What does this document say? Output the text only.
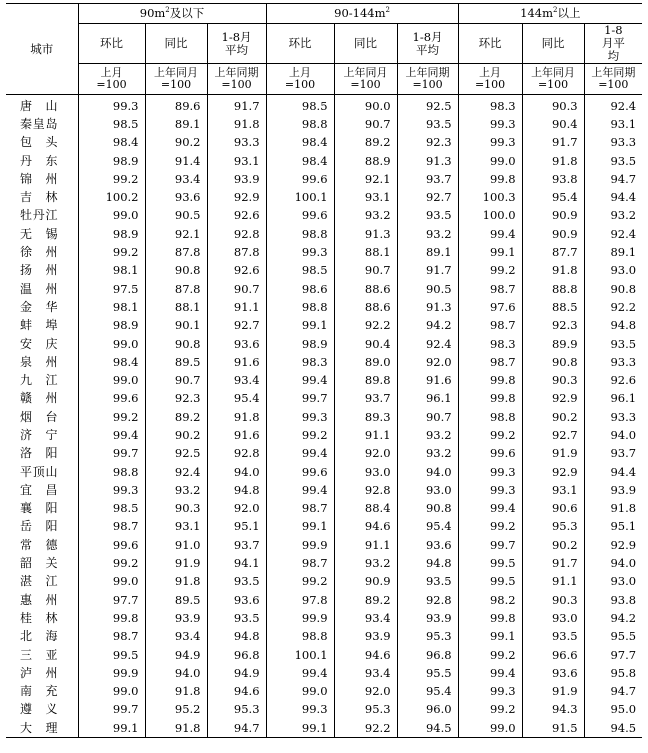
城市	$90m^2$及以下			$90-144m^2$			$144m^2$以上		
	环比	同比	1-8月平均	环比	同比	1-8月平均	环比	同比	1-8月平均
	上月=100	上年同月=100	上年同期=100	上月=100	上年同月=100	上年同期=100	上月=100	上年同月=100	上年同期=100
唐山	99.3	89.6	91.7	98.5	90.0	92.5	98.3	90.3	92.4
秦皇岛	98.5	89.1	91.8	98.8	90.7	93.5	99.3	90.4	93.1
包头	98.4	90.2	93.3	98.4	89.2	92.3	99.3	91.7	93.3
丹东	98.9	91.4	93.1	98.4	88.9	91.3	99.0	91.8	93.5
锦州	99.2	93.4	93.9	99.6	92.1	93.7	99.8	93.8	94.7
吉林	100.2	93.6	92.9	100.1	93.1	92.7	100.3	95.4	94.4
牡丹江	99.0	90.5	92.6	99.6	93.2	93.5	100.0	90.9	93.2
无锡	98.9	92.1	92.8	98.8	91.3	93.2	99.4	90.9	92.4
徐州	99.2	87.8	87.8	99.3	88.1	89.1	99.1	87.7	89.1
扬州	98.1	90.8	92.6	98.5	90.7	91.7	99.2	91.8	93.0
温州	97.5	87.8	90.7	98.6	88.6	90.5	98.7	88.8	90.8
金华	98.1	88.1	91.1	98.8	88.6	91.3	97.6	88.5	92.2
蚌埠	98.9	90.1	92.7	99.1	92.2	94.2	98.7	92.3	94.8
安庆	99.0	90.8	93.6	98.9	90.4	92.4	98.3	89.9	93.5
泉州	98.4	89.5	91.6	98.3	89.0	92.0	98.7	90.8	93.3
九江	99.0	90.7	93.4	99.4	89.8	91.6	99.8	90.3	92.6
赣州	99.6	92.3	95.4	99.7	93.7	96.1	99.8	92.9	96.1
烟台	99.2	89.2	91.8	99.3	89.3	90.7	98.8	90.2	93.3
济宁	99.4	90.2	91.6	99.2	91.1	93.2	99.2	92.7	94.0
洛阳	99.7	92.5	92.8	99.4	92.0	93.2	99.6	91.9	93.7
平顶山	98.8	92.4	94.0	99.6	93.0	94.0	99.3	92.9	94.4
宜昌	99.3	93.2	94.8	99.4	92.8	93.0	99.3	93.1	93.9
襄阳	98.5	90.3	92.0	98.7	88.4	90.8	99.4	90.6	91.8
岳阳	98.7	93.1	95.1	99.1	94.6	95.4	99.2	95.3	95.1
常德	99.6	91.0	93.7	99.9	91.1	93.6	99.7	90.2	92.9
韶关	99.2	91.9	94.1	98.7	93.2	94.8	99.5	91.7	94.0
湛江	99.0	91.8	93.5	99.2	90.9	93.5	99.5	91.1	93.0
惠州	97.7	89.5	93.6	97.8	89.2	92.8	98.2	90.3	93.8
桂林	99.8	93.9	93.5	99.9	93.4	93.9	99.8	93.0	94.2
北海	98.7	93.4	94.8	98.8	93.9	95.3	99.1	93.5	95.5
三亚	99.5	94.9	96.8	100.1	94.6	96.8	99.2	96.6	97.7
泸州	99.9	94.0	94.9	99.4	93.4	95.5	99.4	93.6	95.8
南充	99.0	91.8	94.6	99.0	92.0	95.4	99.3	91.9	94.7
遵义	99.7	95.2	95.3	99.3	95.3	96.0	99.2	94.3	95.0
大理	99.1	91.8	94.7	99.1	92.2	94.5	99.0	91.5	94.5
